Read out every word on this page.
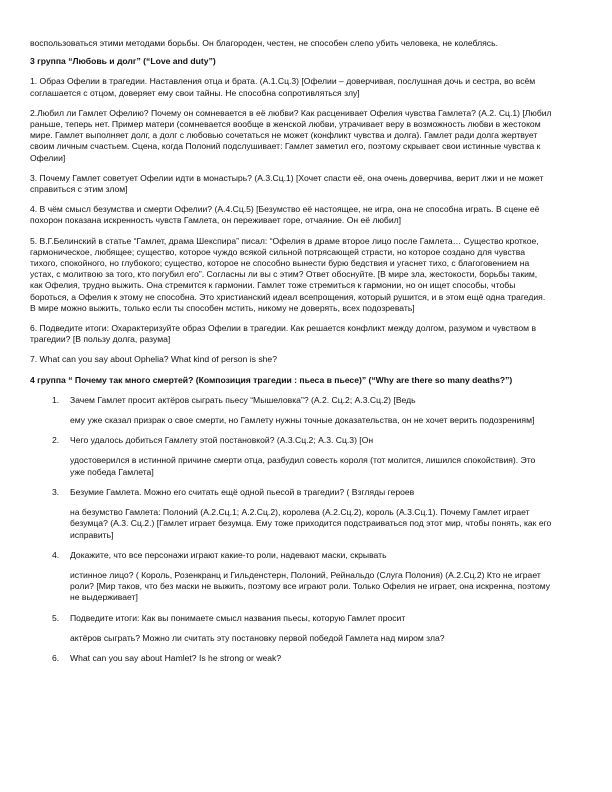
воспользоваться этими методами борьбы. Он благороден, честен, не способен слепо убить человека, не колеблясь.

3 группа “Любовь и долг” (“Love and duty”)

1. Образ Офелии в трагедии. Наставления отца и брата. (А.1.Сц.3) [Офелии – доверчивая, послушная дочь и сестра, во всём соглашается с отцом, доверяет ему свои тайны. Не способна сопротивляться злу]

2.Любил ли Гамлет Офелию? Почему он сомневается в её любви? Как расценивает Офелия чувства Гамлета? (А.2. Сц.1) [Любил раньше, теперь нет. Пример матери (сомневается вообще в женской любви, утрачивает веру в возможность любви в жестоком мире. Гамлет выполняет долг, а долг с любовью сочетаться не может (конфликт чувства и долга). Гамлет ради долга жертвует своим личным счастьем. Сцена, когда Полоний подслушивает: Гамлет заметил его, поэтому скрывает свои истинные чувства к Офелии]

3. Почему Гамлет советует Офелии идти в монастырь? (А.3.Сц.1) [Хочет спасти её, она очень доверчива, верит лжи и не может справиться с этим злом]

4. В чём смысл безумства и смерти Офелии? (А.4.Сц.5) [Безумство её настоящее, не игра, она не способна играть. В сцене её похорон показана искренность чувств Гамлета, он переживает горе, отчаяние. Он её любил]

5. В.Г.Белинский в статье “Гамлет, драма Шекспира” писал: “Офелия в драме второе лицо после Гамлета… Существо кроткое, гармоническое, любящее; существо, которое чуждо всякой сильной потрясающей страсти, но которое создано для чувства тихого, спокойного, но глубокого; существо, которое не способно вынести бурю бедствия и угаснет тихо, с благоговением на устах, с молитвою за того, кто погубил его”. Согласны ли вы с этим? Ответ обоснуйте. [В мире зла, жестокости, борьбы таким, как Офелия, трудно выжить. Она стремится к гармонии. Гамлет тоже стремиться к гармонии, но он ищет способы, чтобы бороться, а Офелия к этому не способна. Это христианский идеал всепрощения, который рушится, и в этом ещё одна трагедия. В мире можно выжить, только если ты способен мстить, никому не доверять, всех подозревать]

6. Подведите итоги: Охарактеризуйте образ Офелии в трагедии. Как решается конфликт между долгом, разумом и чувством в трагедии? [В пользу долга, разума]

7. What can you say about Ophelia? What kind of person is she?

4 группа “ Почему так много смертей? (Композиция трагедии : пьеса в пьесе)” (“Why are there so many deaths?”)

1. Зачем Гамлет просит актёров сыграть пьесу “Мышеловка”? (А.2. Сц.2; А.3.Сц.2) [Ведь

ему уже сказал призрак о свое смерти, но Гамлету нужны точные доказательства, он не хочет верить подозрениям]

2. Чего удалось добиться Гамлету этой постановкой? (А.3.Сц.2; А.3. Сц.3) [Он

удостоверился в истинной причине смерти отца, разбудил совесть короля (тот молится, лишился спокойствия). Это уже победа Гамлета]

3. Безумие Гамлета. Можно его считать ещё одной пьесой в трагедии? ( Взгляды героев

на безумство Гамлета: Полоний (А.2.Сц.1; А.2.Сц.2), королева (А.2.Сц.2), король (А.3.Сц.1). Почему Гамлет играет безумца? (А.3. Сц.2.) [Гамлет играет безумца. Ему тоже приходится подстраиваться под этот мир, чтобы понять, как его исправить]

4. Докажите, что все персонажи играют какие-то роли, надевают маски, скрывать

истинное лицо? ( Король, Розенкранц и Гильденстерн, Полоний, Рейнальдо (Слуга Полония) (А.2.Сц.2) Кто не играет роли? [Мир таков, что без маски не выжить, поэтому все играют роли. Только Офелия не играет, она искренна, поэтому не выдерживает]

5. Подведите итоги: Как вы понимаете смысл названия пьесы, которую Гамлет просит

актёров сыграть? Можно ли считать эту постановку первой победой Гамлета над миром зла?

6. What can you say about Hamlet? Is he strong or weak?
